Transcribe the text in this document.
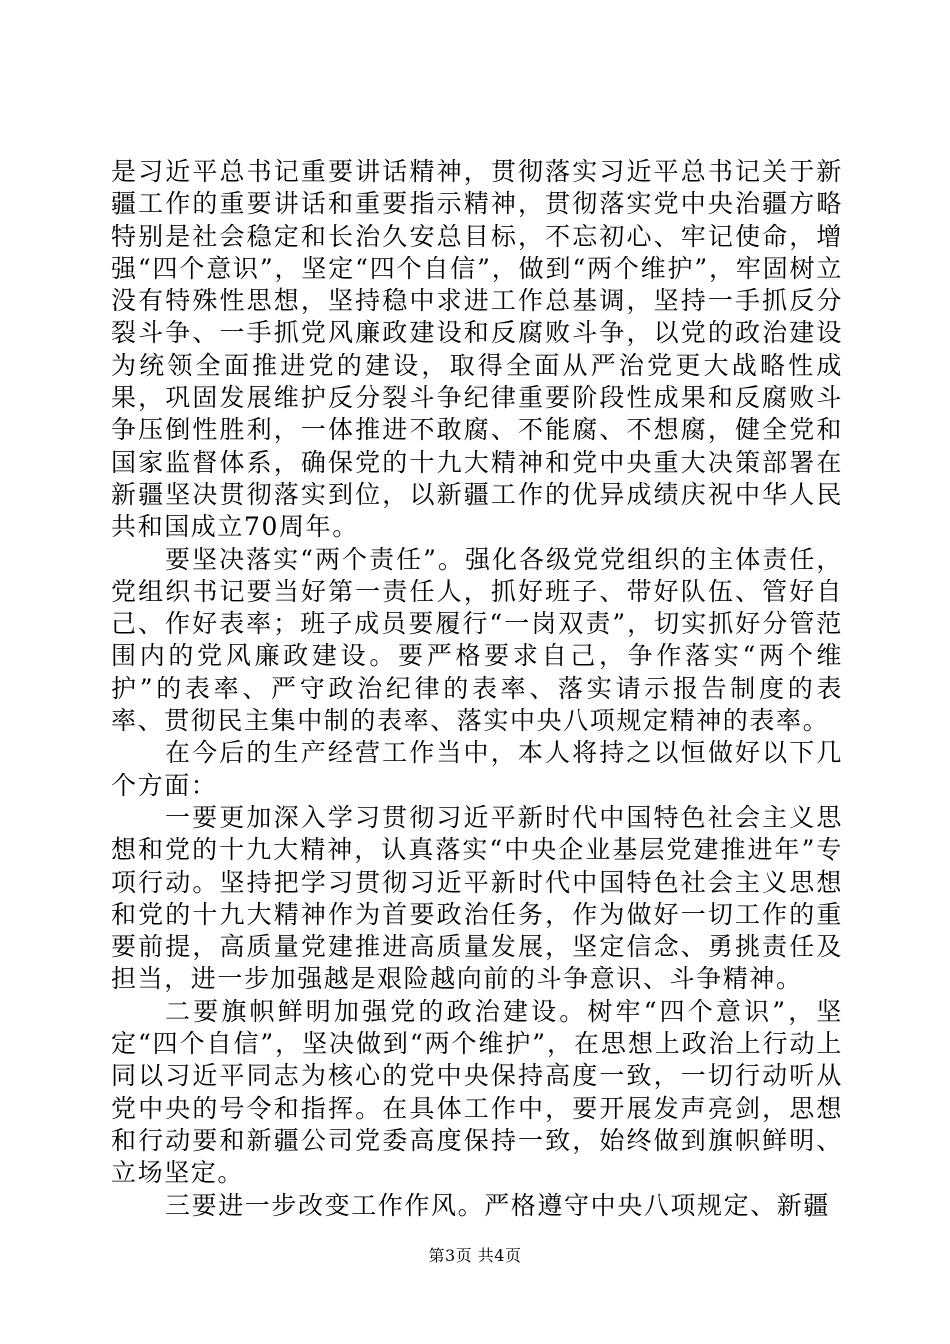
是习近平总书记重要讲话精神，贯彻落实习近平总书记关于新疆工作的重要讲话和重要指示精神，贯彻落实党中央治疆方略特别是社会稳定和长治久安总目标，不忘初心、牢记使命，增强“四个意识”，坚定“四个自信”，做到“两个维护”，牢固树立没有特殊性思想，坚持稳中求进工作总基调，坚持一手抓反分裂斗争、一手抓党风廉政建设和反腐败斗争，以党的政治建设为统领全面推进党的建设，取得全面从严治党更大战略性成果，巩固发展维护反分裂斗争纪律重要阶段性成果和反腐败斗争压倒性胜利，一体推进不敢腐、不能腐、不想腐，健全党和国家监督体系，确保党的十九大精神和党中央重大决策部署在新疆坚决贯彻落实到位，以新疆工作的优异成绩庆祝中华人民共和国成立70周年。

要坚决落实“两个责任”。强化各级党党组织的主体责任，党组织书记要当好第一责任人，抓好班子、带好队伍、管好自己、作好表率；班子成员要履行“一岗双责”，切实抓好分管范围内的党风廉政建设。要严格要求自己，争作落实“两个维护”的表率、严守政治纪律的表率、落实请示报告制度的表率、贯彻民主集中制的表率、落实中央八项规定精神的表率。

在今后的生产经营工作当中，本人将持之以恒做好以下几个方面：

一要更加深入学习贯彻习近平新时代中国特色社会主义思想和党的十九大精神，认真落实“中央企业基层党建推进年”专项行动。坚持把学习贯彻习近平新时代中国特色社会主义思想和党的十九大精神作为首要政治任务，作为做好一切工作的重要前提，高质量党建推进高质量发展，坚定信念、勇挑责任及担当，进一步加强越是艰险越向前的斗争意识、斗争精神。

二要旗帜鲜明加强党的政治建设。树牢“四个意识”，坚定“四个自信”，坚决做到“两个维护”，在思想上政治上行动上同以习近平同志为核心的党中央保持高度一致，一切行动听从党中央的号令和指挥。在具体工作中，要开展发声亮剑，思想和行动要和新疆公司党委高度保持一致，始终做到旗帜鲜明、立场坚定。

三要进一步改变工作作风。严格遵守中央八项规定、新疆

第3页 共4页
